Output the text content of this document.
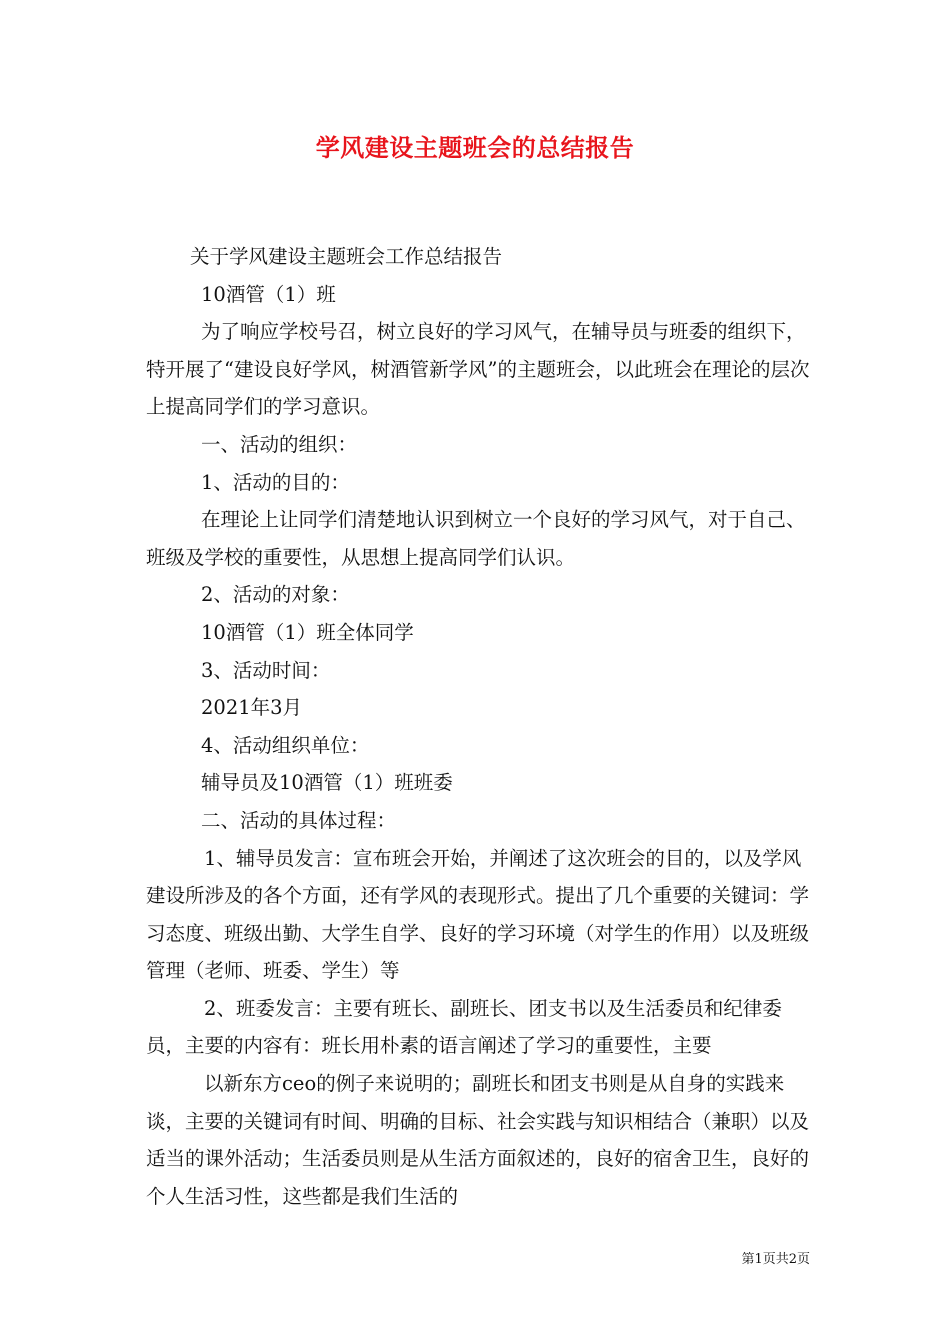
学风建设主题班会的总结报告

关于学风建设主题班会工作总结报告

10酒管（1）班

为了响应学校号召，树立良好的学习风气，在辅导员与班委的组织下，特开展了“建设良好学风，树酒管新学风”的主题班会，以此班会在理论的层次上提高同学们的学习意识。

一、活动的组织：

1、活动的目的：

在理论上让同学们清楚地认识到树立一个良好的学习风气，对于自己、班级及学校的重要性，从思想上提高同学们认识。

2、活动的对象：

10酒管（1）班全体同学

3、活动时间：

2021年3月

4、活动组织单位：

辅导员及10酒管（1）班班委

二、活动的具体过程：

1、辅导员发言：宣布班会开始，并阐述了这次班会的目的，以及学风建设所涉及的各个方面，还有学风的表现形式。提出了几个重要的关键词：学习态度、班级出勤、大学生自学、良好的学习环境（对学生的作用）以及班级管理（老师、班委、学生）等

2、班委发言：主要有班长、副班长、团支书以及生活委员和纪律委员，主要的内容有：班长用朴素的语言阐述了学习的重要性，主要

以新东方ceo的例子来说明的；副班长和团支书则是从自身的实践来谈，主要的关键词有时间、明确的目标、社会实践与知识相结合（兼职）以及适当的课外活动；生活委员则是从生活方面叙述的，良好的宿舍卫生，良好的个人生活习性，这些都是我们生活的

第1页共2页
